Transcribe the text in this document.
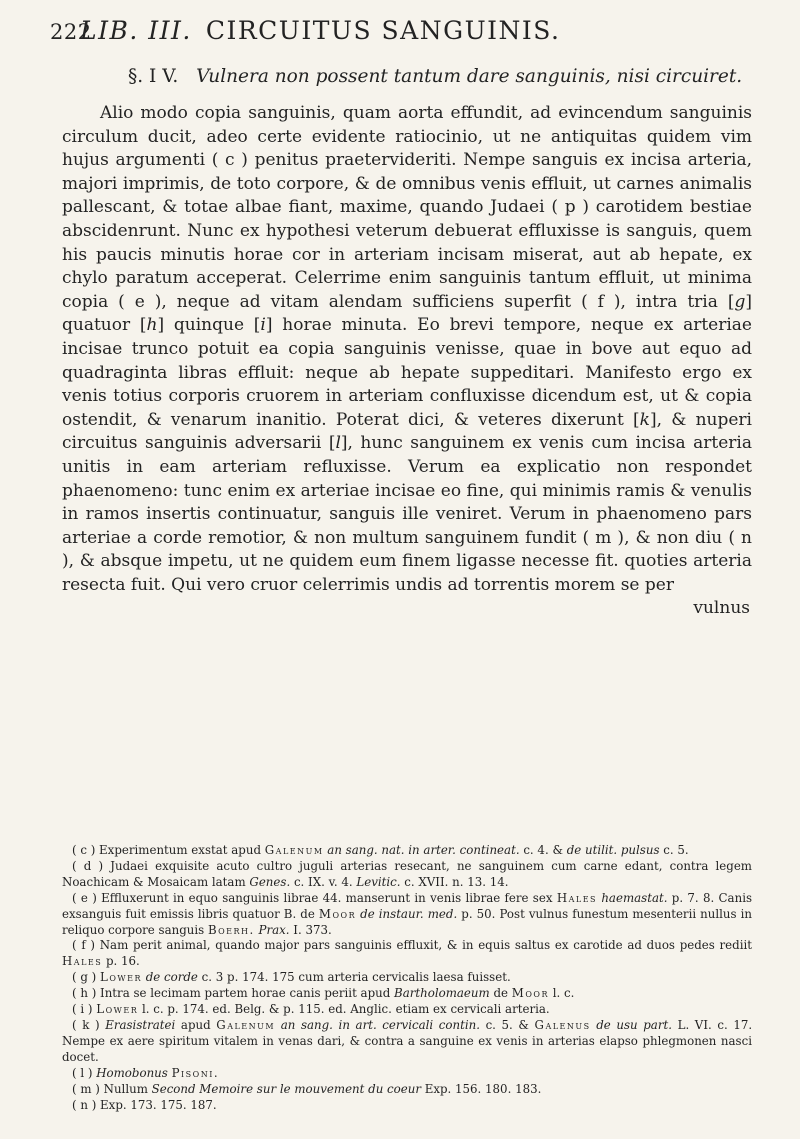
222
LIB. III. CIRCUITUS SANGUINIS.
§. I V. Vulnera non possent tantum dare sanguinis, nisi circuiret.

Alio modo copia sanguinis, quam aorta effundit, ad evincendum sanguinis circulum ducit, adeo certe evidente ratiocinio, ut ne antiquitas quidem vim hujus argumenti ( c ) penitus praetervideriti. Nempe sanguis ex incisa arteria, majori imprimis, de toto corpore, & de omnibus venis effluit, ut carnes animalis pallescant, & totae albae fiant, maxime, quando Judaei ( p ) carotidem bestiae abscidenrunt. Nunc ex hypothesi veterum debuerat effluxisse is sanguis, quem his paucis minutis horae cor in arteriam incisam miserat, aut ab hepate, ex chylo paratum acceperat. Celerrime enim sanguinis tantum effluit, ut minima copia ( e ), neque ad vitam alendam sufficiens superfit ( f ), intra tria [g] quatuor [h] quinque [i] horae minuta. Eo brevi tempore, neque ex arteriae incisae trunco potuit ea copia sanguinis venisse, quae in bove aut equo ad quadraginta libras effluit: neque ab hepate suppeditari. Manifesto ergo ex venis totius corporis cruorem in arteriam confluxisse dicendum est, ut & copia ostendit, & venarum inanitio. Poterat dici, & veteres dixerunt [k], & nuperi circuitus sanguinis adversarii [l], hunc sanguinem ex venis cum incisa arteria unitis in eam arteriam refluxisse. Verum ea explicatio non respondet phaenomeno: tunc enim ex arteriae incisae eo fine, qui minimis ramis & venulis in ramos insertis continuatur, sanguis ille veniret. Verum in phaenomeno pars arteriae a corde remotior, & non multum sanguinem fundit ( m ), & non diu ( n ), & absque impetu, ut ne quidem eum finem ligasse necesse fit. quoties arteria resecta fuit. Qui vero cruor celerrimis undis ad torrentis morem se per

vulnus

( c ) Experimentum exstat apud Galenum an sang. nat. in arter. contineat. c. 4. & de utilit. pulsus c. 5.

( d ) Judaei exquisite acuto cultro juguli arterias resecant, ne sanguinem cum carne edant, contra legem Noachicam & Mosaicam latam Genes. c. IX. v. 4. Levitic. c. XVII. n. 13. 14.

( e ) Effluxerunt in equo sanguinis librae 44. manserunt in venis librae fere sex Hales haemastat. p. 7. 8. Canis exsanguis fuit emissis libris quatuor B. de Moor de instaur. med. p. 50. Post vulnus funestum mesenterii nullus in reliquo corpore sanguis Boerh. Prax. I. 373.

( f ) Nam perit animal, quando major pars sanguinis effluxit, & in equis saltus ex carotide ad duos pedes rediit Hales p. 16.

( g ) Lower de corde c. 3 p. 174. 175 cum arteria cervicalis laesa fuisset.

( h ) Intra se lecimam partem horae canis periit apud Bartholomaeum de Moor l. c.

( i ) Lower l. c. p. 174. ed. Belg. & p. 115. ed. Anglic. etiam ex cervicali arteria.

( k ) Erasistratei apud Galenum an sang. in art. cervicali contin. c. 5. & Galenus de usu part. L. VI. c. 17. Nempe ex aere spiritum vitalem in venas dari, & contra a sanguine ex venis in arterias elapso phlegmonen nasci docet.

( l ) Homobonus Pisoni.

( m ) Nullum Second Memoire sur le mouvement du coeur Exp. 156. 180. 183.

( n ) Exp. 173. 175. 187.
